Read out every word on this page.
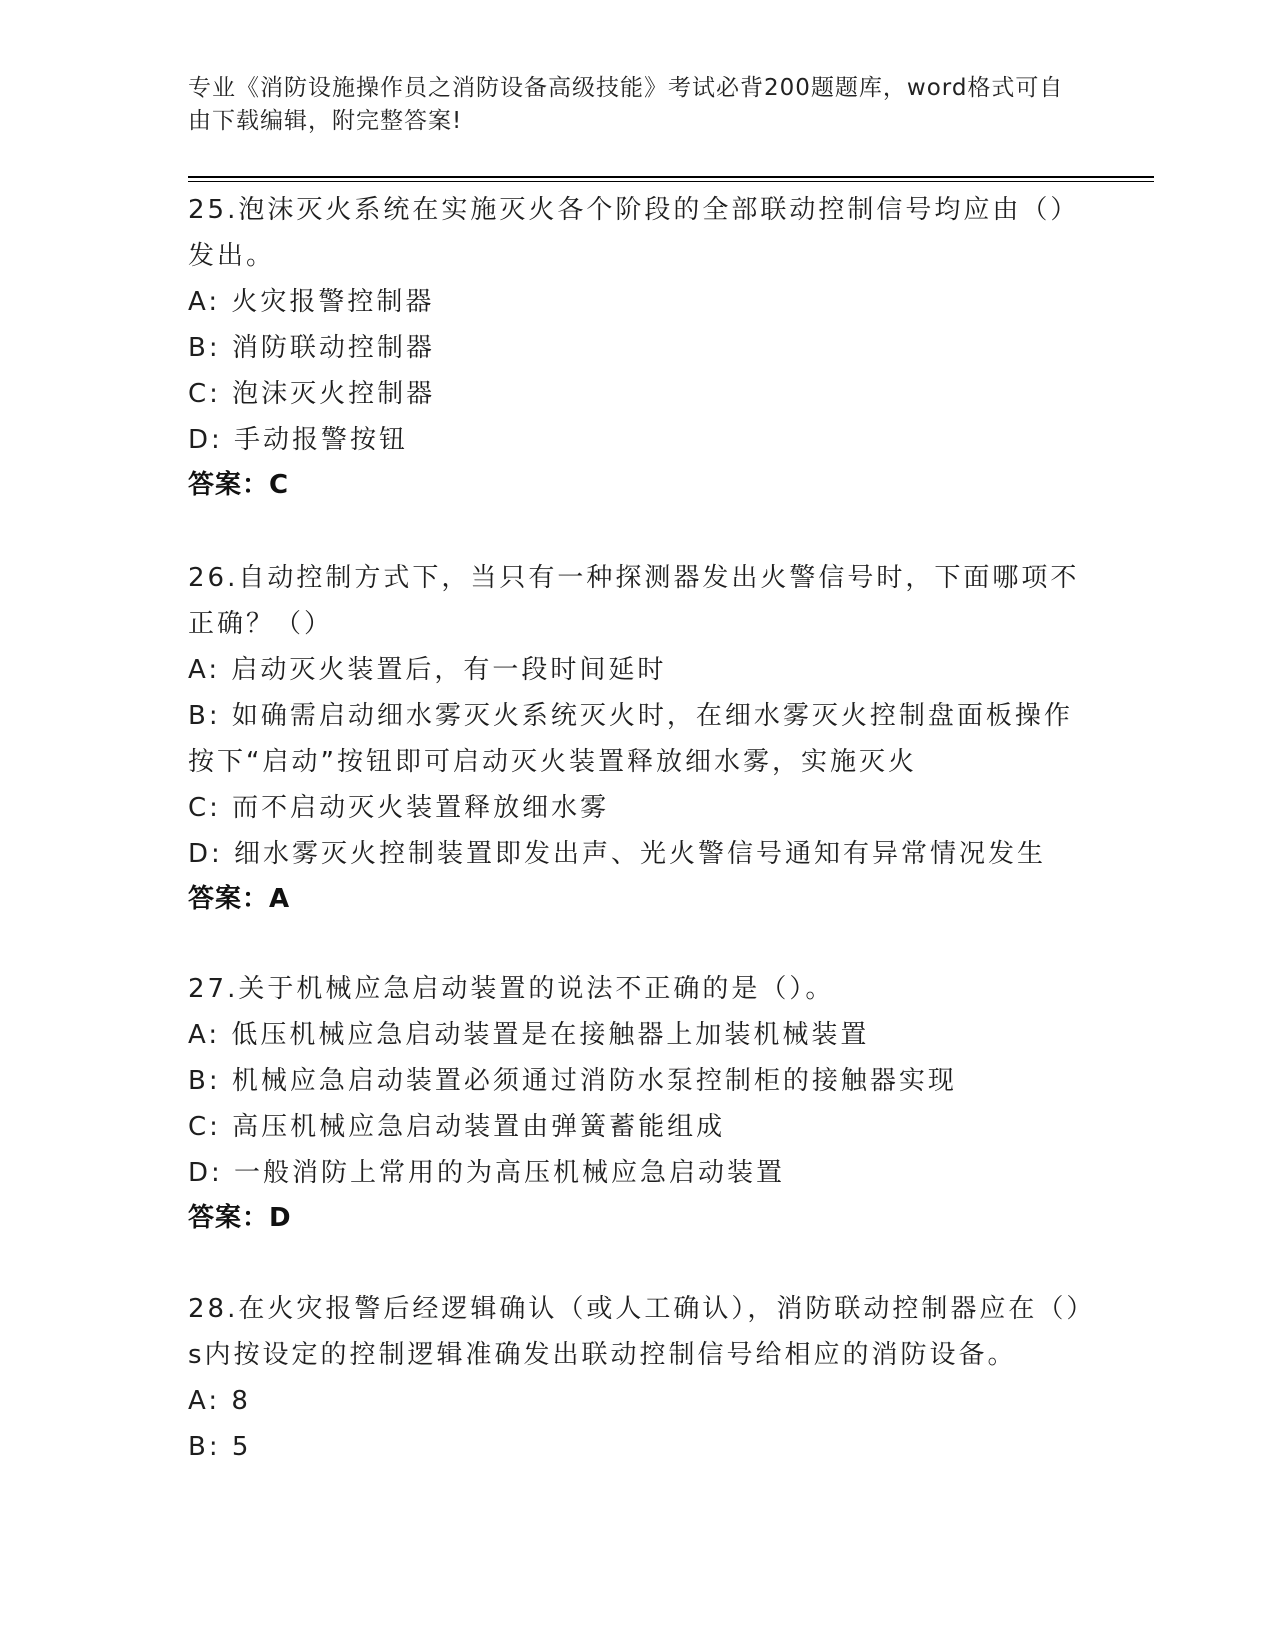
专业《消防设施操作员之消防设备高级技能》考试必背200题题库，word格式可自由下载编辑，附完整答案!

25.泡沫灭火系统在实施灭火各个阶段的全部联动控制信号均应由（）发出。

A: 火灾报警控制器

B: 消防联动控制器

C: 泡沫灭火控制器

D: 手动报警按钮

答案：C

26.自动控制方式下，当只有一种探测器发出火警信号时，下面哪项不正确？（）

A: 启动灭火装置后，有一段时间延时

B: 如确需启动细水雾灭火系统灭火时，在细水雾灭火控制盘面板操作按下“启动”按钮即可启动灭火装置释放细水雾，实施灭火

C: 而不启动灭火装置释放细水雾

D: 细水雾灭火控制装置即发出声、光火警信号通知有异常情况发生

答案：A

27.关于机械应急启动装置的说法不正确的是（）。

A: 低压机械应急启动装置是在接触器上加装机械装置

B: 机械应急启动装置必须通过消防水泵控制柜的接触器实现

C: 高压机械应急启动装置由弹簧蓄能组成

D: 一般消防上常用的为高压机械应急启动装置

答案：D

28.在火灾报警后经逻辑确认（或人工确认），消防联动控制器应在（）s内按设定的控制逻辑准确发出联动控制信号给相应的消防设备。

A: 8

B: 5
